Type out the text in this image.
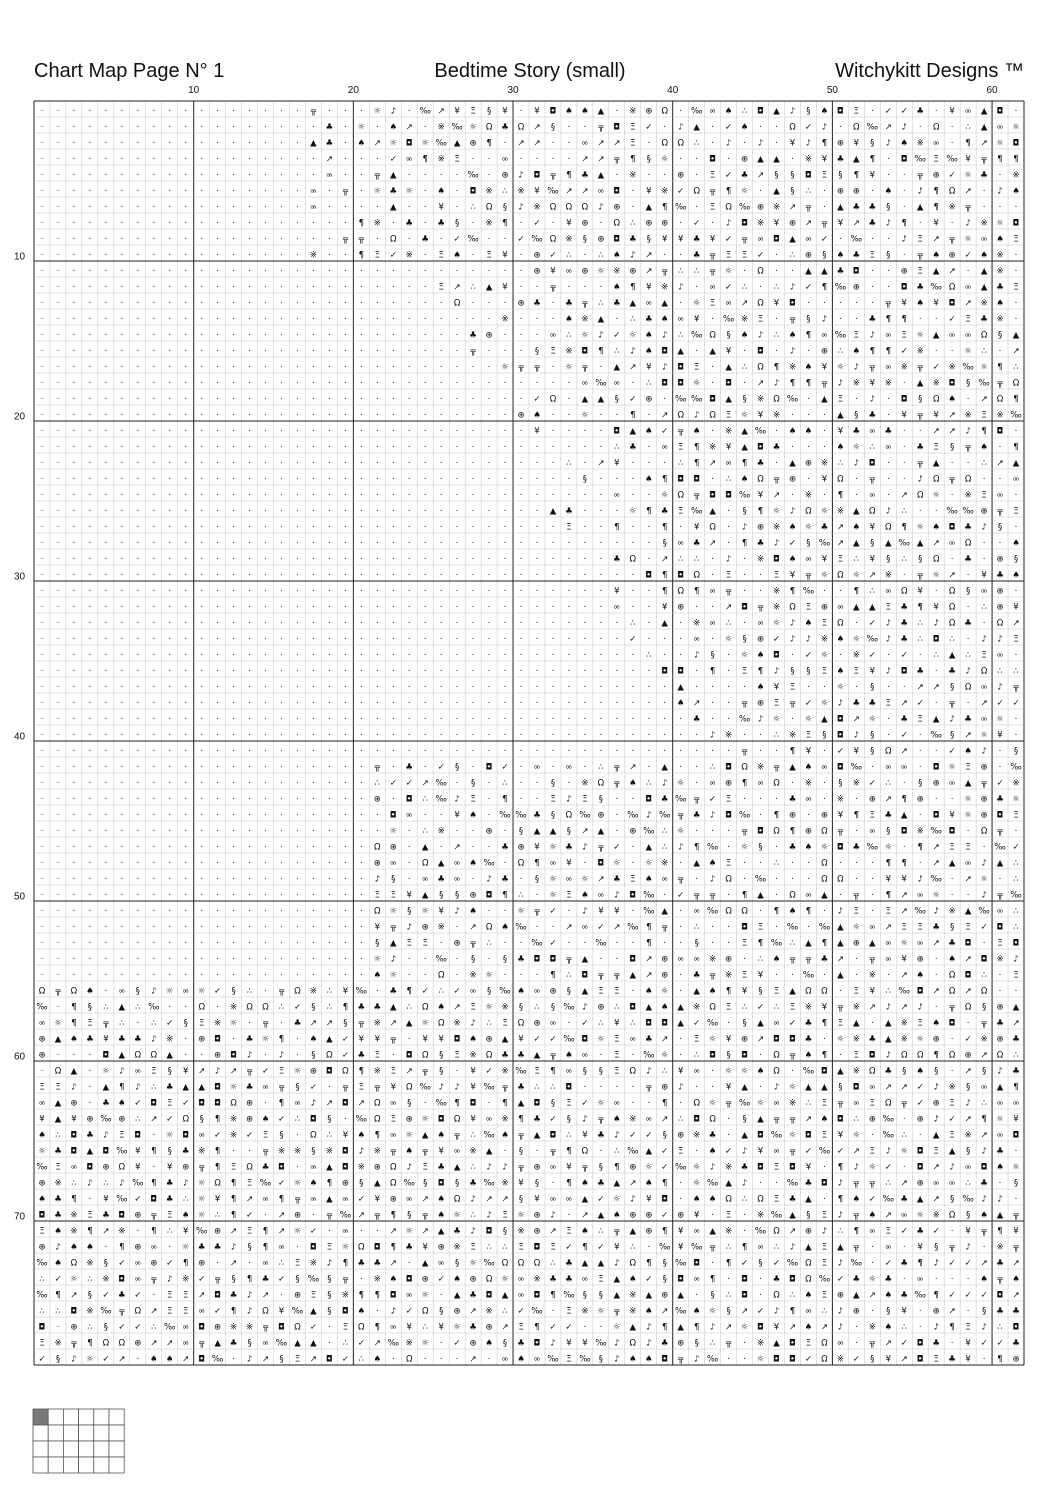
Chart Map Page N° 1	Bedtime Story (small)	Witchykitt Designs ™
10	20	30	40	50	60
· · · · · · · · · · · · · · · · · ╦ · · · ☼ ♪ · ‰ ↗ ¥ Ξ § ¥ · ¥ ◘ ♠ ♠ ▲ · ※ ⊕ Ω · ‰ ∞ ♠ ∴ ◘ ▲ ♪ § ♠ ◘ Ξ · ✓ ✓ ♣ · ¥ ∞ ▲ ◘ ·
· · · · · · · · · · · · · · · · · · ♣ · ☼ · ♠ ↗ · ※ ‰ ☼ Ω ♣ Ω ↗ § · · ╦ ◘ Ξ ✓ · ♪ ▲ · ✓ ♠ · · Ω ✓ ♪ · Ω ‰ ↗ ♪ · Ω · ∴ ▲ ∞ ☼
· · · · · · · · · · · · · · · · · ▲ ♣ · ♠ ↗ ☼ ◘ ☼ ‰ ▲ ⊕ ¶ · ↗ ↗ · · ∞ ↗ ↗ Ξ · Ω Ω ∴ · ♪ · ♪ · ¥ ♪ ¶ ⊕ ¥ § ♪ ♠ ※ ∞ · ¶ ↗ ☼ ◘
· · · · · · · · · · · · · · · · · · ↗ · · · ✓ ∞ ¶ ※ Ξ · · ∞ · · · · ↗ ↗ ╦ ¶ § ☼ · · ◘ · ⊕ ▲ ▲ · ※ ¥ ♣ ▲ ¶ · ◘ ‰ Ξ ‰ ¥ ╦ ¶ ¶
· · · · · · · · · · · · · · · · · · ∞ · · ╦ ▲ · · · · ‰ · ⊕ ♪ ◘ ╦ ¶ ♣ ▲ · ※ · · ⊕ · Ξ ✓ ♣ ↗ § § ◘ Ξ § ¶ ¥ · · ╦ ⊕ ✓ ☼ ♣ · ※
· · · · · · · · · · · · · · · · · ∞ · ╦ · ☼ ♣ ☼ · ♠ · ◘ ※ ∴ ※ ¥ ‰ ↗ ↗ ∞ ◘ · ¥ ※ ✓ Ω ╦ ¶ ☼ · ▲ § ∴ · ⊕ ⊕ · ♠ · ♪ ¶ Ω ↗ · ♪ ♠
· · · · · · · · · · · · · · · · · ∞ · · · · ▲ · · ¥ · ∴ Ω § ♪ ※ Ω Ω Ω ♪ ⊕ · ▲ ¶ ‰ · Ξ Ω ‰ ⊕ ※ ↗ ╦ · ▲ ♣ ♣ § · ▲ ¶ ※ ╦ · · ·
· · · · · · · · · · · · · · · · · · · · ¶ ※ · ♣ · ♣ § · ※ ¶ · ✓ · ¥ ⊕ · Ω ∴ ⊕ ⊕ · ✓ · ♪ ◘ ※ ¥ ⊕ ↗ ╦ ¥ ↗ ♣ ♪ ¶ · ¥ · ♪ ※ ☼ ◘
· · · · · · · · · · · · · · · · · · · ╦ ╦ · Ω · ♣ · ✓ ‰ · · ✓ ‰ Ω ※ § ⊕ ◘ ♣ § ¥ ¥ ♣ ¥ ✓ ╦ ∞ ◘ ▲ ∞ ✓ · ‰ · · ♪ Ξ ↗ ╦ ☼ ∞ ♠ Ξ
· · · · · · · · · · · · · · · · · ※ · · ¶ Ξ ✓ ※ · Ξ ♠ · Ξ ¥ · ⊕ ✓ ∴ · ∴ ♠ ♪ ↗ · · ♣ ╦ Ξ Ξ ✓ · ∴ ⊕ § ♠ ♣ Ξ § · ╦ ♠ ⊕ ✓ ♠ ※ ·
· · · · · · · · · · · · · · · · · · · · · · · · · · · · · · · ⊕ ¥ ∞ ⊕ ☼ ※ ⊕ ↗ ╦ ∴ ∴ ╦ ☼ · Ω · · ▲ ▲ ♣ ◘ · · ⊕ Ξ ▲ ↗ · ▲ ※ ·
· · · · · · · · · · · · · · · · · · · · · · · · · Ξ ↗ ∴ ▲ ¥ · · ╦ · · · ♠ ¶ ¥ ※ ♪ · ∞ ✓ ∴ · ∴ ♪ ✓ ¶ ‰ ⊕ · · ◘ ♣ ‰ Ω ∞ ▲ ♣ Ξ
· · · · · · · · · · · · · · · · · · · · · · · · · · Ω · · · ⊕ ♣ · ♣ ╦ ∴ ♣ ▲ ∞ ▲ · ☼ Ξ ∞ ↗ Ω ¥ ◘ · · · · · ╦ ¥ ♠ ¥ ◘ ↗ ※ ♠ ·
· · · · · · · · · · · · · · · · · · · · · · · · · · · · · ※ · · · ♠ ※ ▲ · ∴ ♣ ♠ ∞ ¥ · ‰ ※ Ξ · ╦ § ♪ · · ♣ ¶ ¶ · · ✓ Ξ ♣ ※ ·
· · · · · · · · · · · · · · · · · · · · · · · · · · · ♣ ⊕ · · · ∞ ∴ ☼ ♪ ✓ ☼ ♠ ♪ ∴ ‰ Ω § ♠ ♪ ∴ ♠ ¶ ∞ ‰ Ξ ♪ ∞ Ξ ☼ ▲ ∞ ∞ Ω § ▲
· · · · · · · · · · · · · · · · · · · · · · · · · · · ╦ · · · § Ξ ※ ◘ ¶ ∴ ♪ ♠ ◘ ▲ · ▲ ¥ · ◘ · ♪ · ⊕ ∴ ♠ ¶ ¶ ✓ ※ · · ☼ ∴ · ↗
· · · · · · · · · · · · · · · · · · · · · · · · · · · · · ☼ ╦ ╦ · ☼ ╦ · ▲ ↗ ¥ ♪ ◘ Ξ · ▲ ∴ Ω ¶ ※ ♠ ¥ ☼ ♪ ╦ ∞ ※ ╦ ✓ ※ ‰ ☼ ¶ ∴
· · · · · · · · · · · · · · · · · · · · · · · · · · · · · · · · · · ∞ ‰ ∞ · ∴ ◘ ◘ ☼ · ◘ · ↗ ♪ ¶ ¶ ╦ ♪ ※ ¥ ※ · ▲ ※ ◘ § ‰ ╦ Ω
· · · · · · · · · · · · · · · · · · · · · · · · · · · · · · · ✓ Ω · ▲ ▲ § ✓ ⊕ · ‰ ‰ ◘ ▲ § ※ Ω ‰ · ▲ Ξ · ♪ · ◘ § Ω ♠ · ↗ Ω ¶
· · · · · · · · · · · · · · · · · · · · · · · · · · · · · · ⊕ ♠ · · ☼ · · ¶ · ↗ Ω ♪ Ω Ξ ☼ ¥ ※ · · · ▲ § ♣ · ¥ ╦ ¥ ↗ ※ Ξ ※ ‰
· · · · · · · · · · · · · · · · · · · · · · · · · · · · · · · ¥ · · · · ◘ ▲ ♠ ✓ ╦ ♠ · ※ ▲ ‰ · ♠ ♠ · ¥ ♣ ∞ ♣ · · ↗ ↗ ♪ ¶ ◘ ·
· · · · · · · · · · · · · · · · · · · · · · · · · · · · · · · · · · · · ∴ ♣ · ∞ Ξ ¶ ※ ¥ ▲ ◘ ♣ · · · ♠ ☼ ∴ ∞ · ♣ Ξ § ╦ ♠ · ¶
· · · · · · · · · · · · · · · · · · · · · · · · · · · · · · · · · ∴ · ↗ ¥ · · · ∴ ¶ ↗ ∞ ¶ ♣ · ▲ ⊕ ※ ∴ ♪ ◘ · · ╦ ▲ · · ∴ ↗ ▲
· · · · · · · · · · · · · · · · · · · · · · · · · · · · · · · · · · § · · · ♠ ¶ ◘ ◘ · ∴ ♠ Ω ╦ ⊕ · ¥ Ω · ╦ · · ♪ Ω ╦ Ω · · ∞
· · · · · · · · · · · · · · · · · · · · · · · · · · · · · · · · · · · · ∞ · · ☼ Ω ╦ ◘ ◘ ‰ ¥ ↗ · ※ · ¶ · ∞ · ↗ Ω ☼ · ※ Ξ ∞ ·
· · · · · · · · · · · · · · · · · · · · · · · · · · · · · · · · ▲ ♣ · · · ☼ ¶ ♣ Ξ ‰ ▲ · § ¶ ☼ ♪ Ω ☼ ※ ▲ Ω ♪ ∴ · · ‰ ‰ ⊕ ╦ Ξ
· · · · · · · · · · · · · · · · · · · · · · · · · · · · · · · · · Ξ · · ¶ · · ¶ · ¥ Ω · ♪ ⊕ ※ ♠ ☼ ♣ ↗ ♠ ¥ Ω ¶ ☼ ♠ ◘ ♣ ♪ § ·
· · · · · · · · · · · · · · · · · · · · · · · · · · · · · · · · · · · · · · · § ∞ ♣ ↗ · ¶ ♣ ♪ ✓ § ‰ ↗ ▲ § ▲ ‰ ▲ ↗ ∞ Ω · · ♠
· · · · · · · · · · · · · · · · · · · · · · · · · · · · · · · · · · · · ♣ Ω · ↗ ∴ ∴ · ♪ · ※ ◘ ♠ ∞ ¥ Ξ ∴ ¥ § ∴ § Ω · ♣ · ⊕ §
· · · · · · · · · · · · · · · · · · · · · · · · · · · · · · · · · · · · · · ◘ ¶ ◘ Ω · Ξ · · Ξ ¥ ╦ ☼ Ω ☼ ↗ ※ · ╦ ☼ ↗ · ¥ ♣ ♠
· · · · · · · · · · · · · · · · · · · · · · · · · · · · · · · · · · · · ¥ · · ¶ Ω ¶ ∞ ╦ · · ※ ¶ ‰ · · ¶ ∴ ∞ Ω ¥ · Ω § ∞ ⊕ ·
· · · · · · · · · · · · · · · · · · · · · · · · · · · · · · · · · · · · ∞ · · ¥ ⊕ · · ↗ ◘ ╦ ※ Ω Ξ ⊕ ∞ ▲ ▲ Ξ ♣ ¶ ¥ Ω · ∴ ⊕ ¥
· · · · · · · · · · · · · · · · · · · · · · · · · · · · · · · · · · · · · ∴ · ▲ · ※ ∞ ∴ · ∞ ☼ ♪ ♠ Ξ Ω · ✓ ♪ ♣ ∴ ♪ Ω ♣ · Ω ↗
· · · · · · · · · · · · · · · · · · · · · · · · · · · · · · · · · · · · · ✓ · · · ∞ · ☼ § ⊕ ✓ ♪ ♪ ※ ♠ ☼ ‰ ♪ ♣ ∴ ◘ ∴ · ♪ ♪ Ξ
· · · · · · · · · · · · · · · · · · · · · · · · · · · · · · · · · · · · · · ∴ · · ♪ § · ☼ ♠ ◘ · ✓ ☼ · ※ ✓ · ✓ · ∴ ▲ ∴ Ξ ∞ ·
· · · · · · · · · · · · · · · · · · · · · · · · · · · · · · · · · · · · · · · ◘ ◘ · ¶ · Ξ ¶ ♪ § § Ξ ♠ Ξ ¥ ♪ ◘ ♣ · ♣ ♪ Ω ∴ ∴
· · · · · · · · · · · · · · · · · · · · · · · · · · · · · · · · · · · · · · · · ▲ · · · · ♠ ¥ Ξ · · ☼ · § · · ↗ ↗ § Ω ∞ ♪ ╦
· · · · · · · · · · · · · · · · · · · · · · · · · · · · · · · · · · · · · · · · ♠ ↗ · · ╦ ⊕ Ξ ╦ ✓ ☼ ♪ ♣ ♣ Ξ ↗ ✓ · ╦ · ↗ ✓ ✓
· · · · · · · · · · · · · · · · · · · · · · · · · · · · · · · · · · · · · · · · · ♣ · · ‰ ♪ ☼ · ☼ ▲ ◘ ↗ ☼ · ♣ Ξ ▲ ♪ ♣ ∞ ☼ ·
· · · · · · · · · · · · · · · · · · · · · · · · · · · · · · · · · · · · · · · · · · ♪ ※ · · ∴ ※ Ξ § ◘ ♪ § · ✓ · ‰ § ↗ ☼ ¥ ·
· · · · · · · · · · · · · · · · · · · · · · · · · · · · · · · · · · · · · · · · · · · · ╦ · · ¶ ¥ · ✓ ¥ § Ω ↗ · · ✓ ♠ ♪ · §
· · · · · · · · · · · · · · · · · · · · · ╦ · ♣ · ✓ § · ◘ ✓ · ∞ · ∞ · ∴ ╦ ↗ · ▲ · · ∴ ◘ Ω ※ ╦ ▲ ♠ ∞ ◘ ‰ · ∞ ∞ · ◘ ☼ Ξ ⊕ · ‰
· · · · · · · · · · · · · · · · · · · · · ∴ ✓ ✓ ↗ ‰ · § · ∴ · · § · ※ Ω ╦ ♠ ∴ ♪ ☼ · ∞ ⊕ ¶ ∞ Ω · ※ · § ※ ✓ ∴ · § ⊕ ∞ ▲ ╦ ✓ ※
· · · · · · · · · · · · · · · · · · · · · ⊕ · ◘ ∴ ‰ ♪ Ξ · ¶ · · Ξ ♪ Ξ § · · ◘ ♣ ‰ ╦ ✓ Ξ · · · ♣ ∞ · ※ · ⊕ ↗ ¶ ⊕ · · ☼ ⊕ ♣ ☼
· · · · · · · · · · · · · · · · · · · · · · ◘ ∞ · · ¥ ♠ · ‰ ‰ ♣ § Ω ‰ ⊕ · ‰ ♪ ‰ ╦ ♣ ♪ ◘ ‰ · ¶ ⊕ · ⊕ ¥ ¶ Ξ ♣ ▲ · ◘ ¥ ☼ ⊕ ◘ Ξ
· · · · · · · · · · · · · · · · · · · · · · ☼ · ∴ ※ · · ⊕ · § ▲ ▲ § ↗ ▲ · ⊕ ‰ ∴ ☼ · · · ╦ ◘ Ω ¶ ⊕ Ω ╦ · ∞ § ◘ ※ ‰ ◘ · Ω ╦ ·
· · · · · · · · · · · · · · · · · · · · · Ω ⊕ · ▲ · ↗ · · ♣ ⊕ ¥ ☼ ♣ ♪ ╦ ✓ · ▲ ∴ ♪ ¶ ‰ · ☼ § · ♣ ♠ ☼ ◘ ♣ ‰ ☼ · ¶ ↗ Ξ Ξ · ‰ ✓
· · · · · · · · · · · · · · · · · · · · · ⊕ ∞ · Ω ▲ ∞ ♠ ‰ · Ω ¶ ∞ ¥ · ◘ ☼ · ☼ ※ · ▲ ♠ Ξ · · ∴ · · Ω · · · ¶ ¶ · ↗ ▲ ∞ ♪ ▲ ∴
· · · · · · · · · · · · · · · · · · · · · ♪ § · ∞ ♣ ∞ · ♪ ♣ · § ☼ ∞ ☼ ↗ ♣ Ξ ♠ ∞ ╦ · ♪ Ω · ‰ · · · Ω Ω · · ¥ ¥ ♪ ‰ · ↗ ☼ · ∴
· · · · · · · · · · · · · · · · · · · · · Ξ Ξ ¥ ▲ § § ⊕ ◘ ¶ ∴ · ☼ Ξ ♠ ∞ ♪ ◘ ‰ · ✓ ╦ ╦ · ¶ ▲ · Ω ∞ ▲ · ╦ · ¶ ↗ ∞ ☼ · · ♪ ╦ ‰
· · · · · · · · · · · · · · · · · · · · · Ω ☼ § ☼ ¥ ♪ ♠ · · ☼ ╦ ✓ · ♪ ¥ ¥ · ‰ ▲ · ∞ ‰ Ω Ω · ¶ ♠ ¶ · ♪ Ξ · Ξ ↗ ‰ ♪ ※ ▲ ‰ ∞ ∴
· · · · · · · · · · · · · · · · · · · · · ¥ ╦ ♪ ⊕ ※ · ↗ Ω ♠ ‰ · · ↗ ∞ ✓ ↗ ‰ ¶ ╦ · ∴ · · ◘ Ξ · ‰ · ‰ ▲ ☼ ∞ ↗ Ξ Ξ ♣ § Ξ ✓ ◘ ∴
· · · · · · · · · · · · · · · · · · · · · § ▲ Ξ Ξ · ⊕ ╦ ∴ · · ‰ ✓ · · ‰ · · ¶ · · § · · Ξ ¶ ‰ ∴ ▲ ¶ ▲ ⊕ ▲ ∞ ☼ ∞ ↗ ♣ ◘ · Ξ ◘
· · · · · · · · · · · · · · · · · · · · · ☼ ♪ · · ‰ · § · § ♣ ◘ ◘ ╦ ▲ · · ◘ ↗ ⊕ ∞ ∞ ※ ⊕ · ∴ ♠ ╦ ╦ ♣ ↗ · ╦ ∞ ¥ ⊕ · ♠ ↗ ◘ ※ ♪
· · · · · · · · · · · · · · · · · · · · · ♠ ☼ · · Ω · ※ ☼ · · · ¶ ∴ ◘ ╦ ╦ ▲ ↗ ⊕ · ♣ ╦ ※ Ξ ¥ · · ‰ · ▲ · ※ · ↗ ♠ · Ω ◘ ∴ · Ξ
Ω ╦ Ω ♠ · ∞ § ♪ ☼ ∞ ☼ ✓ § ∴ · ╦ Ω ※ ∴ ¥ ‰ · ♣ ¶ ✓ ∴ ✓ ∞ § ‰ ♠ ∞ ⊕ § ▲ Ξ Ξ · ♠ ☼ · ▲ ♠ ¶ ¥ § Ξ ▲ Ω Ω · Ξ ¥ ∴ ‰ ◘ ↗ Ω ↗ Ω · ·
‰ · ¶ § ∴ ▲ ∴ ‰ · · Ω · ※ Ω Ω ∴ ✓ § ∴ ¶ ♣ ♣ ▲ ∴ Ω ♠ ↗ Ξ ☼ ※ § ∴ § ‰ ♪ ⊕ ∴ ◘ ▲ ♠ ▲ ※ Ω Ξ ∴ ✓ ∴ Ξ ※ ¥ ╦ ※ ↗ ♪ ↗ ♪ · ╦ Ω § ⊕ ▲
∞ ☼ ¶ Ξ ╦ ∴ · ∴ ✓ § Ξ ※ ☼ · ╦ · ♣ ↗ ↗ § ╦ ※ ↗ ▲ ☼ Ω ※ ♪ ∴ Ξ Ω ⊕ ∞ · ✓ ∴ ¥ ∴ ◘ ◘ ▲ ✓ ‰ · § ▲ ∞ ✓ ♣ ¶ Ξ ▲ · ▲ ※ Ξ ♠ ◘ · ╦ ♣ ↗
⊕ ▲ ♠ ♣ ¥ ♣ ♣ ♪ ※ · ⊕ ◘ · ♣ ☼ ¶ · ♠ ▲ ✓ ¥ ¥ ╦ · ¥ ¥ ◘ ♠ ⊕ ▲ ¥ ✓ ✓ ‰ ◘ ☼ Ξ ∞ ♣ ↗ · Ξ ☼ ¥ ⊕ ↗ ◘ ◘ ♣ · ☼ ※ ♣ ▲ ※ ☼ ⊕ · ✓ ※ ⊕ ♣
⊕ · · · ◘ ▲ Ω Ω ▲ · · ⊕ ◘ ♪ · ♪ · § Ω ✓ ♣ Ξ · ◘ Ω § Ξ ※ Ω ♣ ♣ ▲ ╦ ♠ ∞ · Ξ · ‰ ☼ · ∴ ◘ § ◘ · Ω ╦ ♠ ¶ · Ξ ◘ ♪ Ω Ω ¶ Ω ⊕ ↗ Ω ∴
· Ω ▲ · ☼ ♪ ∞ Ξ § ¥ ↗ ♪ ↗ ╦ ✓ Ξ ☼ ⊕ ◘ Ω ¶ ※ Ξ ↗ ╦ § · ¥ ✓ ※ ‰ Ξ ¶ ∞ § § Ξ Ω ♪ ∴ ¥ ∞ · ☼ ☼ ♠ Ω · ‰ ◘ ▲ ※ Ω ♣ § ♠ § · ↗ § ♪ ♣
Ξ Ξ ♪ · ▲ ¶ ♪ ∴ ♣ ▲ ▲ ◘ ☼ ♣ ∞ ╦ § ✓ · ╦ Ξ ╦ ¥ Ω ‰ ♪ ♪ ¥ ‰ ╦ ♣ ∴ ∴ ◘ · · · · ╦ ⊕ ♪ · · ¥ ▲ · ♪ ☼ ▲ ▲ § ◘ ∞ ↗ ↗ ✓ ♪ ※ § ∞ ▲ ¶
∞ ▲ ⊕ · ♣ ♠ ✓ ◘ Ξ ✓ ◘ ◘ Ω ⊕ · ¶ ∞ ♪ ↗ ◘ ↗ Ω ∞ § · ‰ ¶ ◘ · ¶ ▲ ◘ § Ξ ✓ ☼ ∞ · · ¶ · Ω ☼ ╦ ‰ ☼ ∞ ※ ∴ Ξ ╦ ∞ Ξ Ω ╦ ✓ ⊕ Ξ ♪ ∴ ∞ ∞
¥ ▲ ¥ ⊕ ‰ ⊕ ∴ ↗ ✓ Ω § ¶ ※ ⊕ ♠ ✓ ∴ ◘ § · ‰ Ω Ξ ⊕ ☼ ◘ Ω ¥ ∞ ※ ¶ ♣ ✓ § ♪ ╦ ♠ ※ ∞ ↗ ∴ ◘ Ω · § ▲ ╦ ╦ ↗ ♠ ◘ ∴ ⊕ ‰ · ⊕ ♪ ✓ ↗ ¶ ☼ ¥
♠ ∴ ◘ ♣ ♪ Ξ ◘ · ☼ ◘ ∞ ✓ ※ ✓ Ξ § · Ω ∴ ¥ ♠ ¶ ∞ ☼ ▲ ♠ ╦ ∴ ‰ ♠ ╦ ▲ ◘ ∴ ¥ ♣ ♪ ✓ ✓ § ⊕ ※ ♣ · ▲ ◘ ‰ ☼ ◘ Ξ ¥ ☼ · ‰ ∴ · ▲ Ξ ※ ↗ ∞ ◘
☼ ♣ ◘ ▲ ◘ ‰ ¥ ¶ § ♣ ※ ¶ · · ╦ ※ ※ § ※ ◘ ♪ ※ ╦ ♠ ╦ ¥ ∞ ※ ▲ · § · ╦ ¶ Ω · ∴ ‰ ▲ ✓ Ξ · ♠ ✓ ♪ ¥ ∞ ╦ ✓ ‰ ✓ ↗ Ξ ♪ ☼ ◘ Ξ ▲ § ♪ ♣ ·
‰ Ξ ∞ ◘ ⊕ Ω ¥ · ¥ ⊕ ╦ ¶ Ξ Ω ♣ ◘ · ∞ ▲ ◘ ※ ⊕ Ω ♪ Ξ ♣ ▲ ∴ ♪ ♪ ╦ ⊕ ∞ ¥ ╦ § ¶ ⊕ ☼ ✓ ‰ ☼ ♪ ※ ♣ ◘ Ξ ◘ ¥ · ¶ ♪ ☼ ✓ · ◘ ↗ ♪ ∞ ◘ ♠ ☼
⊕ ※ ∴ ♪ ∴ ♪ ‰ ¶ ♣ ♪ ☼ Ω ¶ Ξ ‰ ✓ ☼ ♠ ¶ ⊕ § ▲ Ω ‰ § ◘ § ♣ ‰ ※ ¥ § · ¶ ♠ ♣ ▲ ↗ ♠ ¶ · ☼ ‰ ▲ ♪ · · ‰ ♣ ◘ ♪ ╦ ╦ ∴ ↗ ⊕ ∞ ∞ ∴ ♣ · §
♠ ♣ ¶ · ¥ ‰ ✓ ◘ ♣ ∴ ☼ ¥ ¶ ↗ ∞ ¶ ╦ ∞ ▲ ∞ ✓ ¥ ⊕ ∞ ↗ ♠ Ω ♪ ↗ ↗ § ¥ ∞ ∞ ▲ ✓ ☼ ♪ ¥ ◘ · ♠ ♠ Ω ∴ Ω Ξ ♣ ▲ · ¶ ♠ ✓ ‰ ♣ ▲ ↗ § ‰ ♪ ♪ ·
◘ ♣ ※ Ξ ♣ ◘ ⊕ ╦ Ξ ♠ ☼ ∴ ¶ ✓ · ↗ ⊕ · ╦ ‰ ↗ ╦ ¶ § ╦ ♠ ☼ ∴ ♪ Ξ ☼ ⊕ ♪ · ↗ ▲ ♠ ⊕ ⊕ ✓ ⊕ ¥ · Ξ · ※ ‰ ▲ § Ξ ♪ ╦ ♠ ↗ ∞ ☼ ※ Ω § ♠ ▲ ╦
Ξ ♠ ※ ¶ ↗ ※ · ¶ ∴ ¥ ‰ ⊕ ↗ Ξ ¶ ↗ ☼ ✓ · ∞ · · ↗ ☼ ↗ ▲ ♣ ♪ ◘ § ※ ⊕ ↗ Ξ ♠ ∴ ╦ ▲ ⊕ ¶ ¥ ∞ ▲ ※ · ‰ Ω ↗ ⊕ ♪ ∴ ¶ ∞ Ξ ✓ ♣ ✓ · ¥ ╦ ¶ ¥
⊕ ♪ ♠ ♠ · ¶ ⊕ ∞ · ☼ ♣ ♣ ♪ § ¶ ∞ · ◘ Ξ ☼ Ω ◘ ¶ ♣ ¥ ⊕ ※ Ξ ∴ ∴ Ξ ◘ Ξ ✓ ¶ ✓ ¥ ∴ · ‰ ¥ ‰ ╦ ∴ ¶ ∞ ∴ ♪ ▲ Ξ ▲ ╦ · ∞ · ¥ § ╦ ♪ · ※ ╦
‰ ♠ Ω ※ § ✓ ∞ ⊕ ✓ ¶ ⊕ · ↗ · ∞ ∴ Ξ ※ ♪ ¶ ♣ ♣ ↗ · ▲ ∞ § ☼ ‰ Ω Ω Ω ∴ ♣ ▲ ▲ ♪ Ω ¶ § ‰ ◘ · ¶ ✓ § ✓ ‰ Ω Ξ ♪ ‰ · ✓ ♣ ¶ ♪ ✓ ✓ ↗ ♣ ↗
∴ ✓ ☼ ∴ ※ ◘ ∞ ╦ ♪ ※ ✓ ╦ § ¶ ♣ ✓ § ‰ § ╦ · ※ ♠ ◘ ⊕ ✓ ♠ ⊕ Ω ☼ ∞ ※ ♣ ♣ ∞ Ξ ▲ ♠ ✓ § ◘ ∞ ¶ · ◘ · ♣ ◘ Ω ‰ ✓ ♣ ☼ ♣ · ∞ · · · ♠ ╦ ♠
‰ ¶ ↗ § ✓ ♣ ✓ · Ξ Ξ ↗ ◘ ♣ ♪ ↗ · ⊕ Ξ § ※ ¶ ¶ ◘ ∞ ☼ · ▲ ♣ ◘ ▲ ∞ ◘ ¶ ‰ § § ▲ ※ ▲ ⊕ ▲ · § ∴ ◘ · Ω ∴ ♠ Ξ ⊕ ▲ ↗ ♠ ♣ ‰ ¶ ✓ ✓ ✓ ◘ ↗
∴ ∴ ◘ ※ ‰ ╦ Ω ↗ Ξ Ξ ∞ ✓ ¶ ♪ Ω ¥ ‰ ▲ § ◘ ♠ · ♪ ✓ Ω § ⊕ ↗ ※ ∴ ✓ ‰ · Ξ ※ ☼ ╦ ※ ♠ ↗ ‰ ♠ ☼ § ↗ ✓ ♪ ¶ ∞ ∴ ♪ ⊕ · § ¥ · ⊕ ↗ · § ♣ ♣
◘ · ⊕ ∴ § ✓ ✓ ∴ ‰ ∞ ◘ ⊕ ※ ※ ╦ ◘ Ω ✓ · Ξ Ω ¶ ∞ ¥ ∴ ¥ ☼ ♣ ⊕ ↗ Ξ ¶ ✓ ✓ · · ☼ ▲ ♪ ¶ ▲ ¶ ♪ ↗ ☼ ◘ ¥ ↗ ♠ ↗ ♪ · ※ ♠ ∴ · ♪ ¶ Ξ ♪ ∴ ◘
Ξ ※ ╦ ¶ Ω Ω ⊕ ↗ ↗ ∞ ╦ ▲ ♣ § ∞ ‰ ▲ ▲ · ∴ ✓ ↗ ‰ ※ ☼ · ✓ ⊕ ♠ § ♣ ◘ ♪ ¥ ¥ ‰ ♪ Ω ♪ ♣ ⊕ § ∴ ╦ · ※ ▲ ◘ Ξ Ω ∞ · ╦ ↗ ✓ ◘ ♣ · ¥ ✓ ✓ ♣
✓ § ♪ ☼ ✓ ↗ · ♠ ♠ ↗ ◘ ‰ · ♪ ↗ § Ξ ↗ ◘ ✓ ∴ ♠ · Ω · · · ↗ · ∞ ♠ ∞ ‰ Ξ ‰ § ♪ ♠ ♠ ◘ ╦ ♪ ‰ · · ☼ ◘ ◘ ✓ Ω ※ ✓ § ¥ ↗ ◘ Ξ ♣ ¥ · ¶ ⊕
10
20
30
40
50
60
70
